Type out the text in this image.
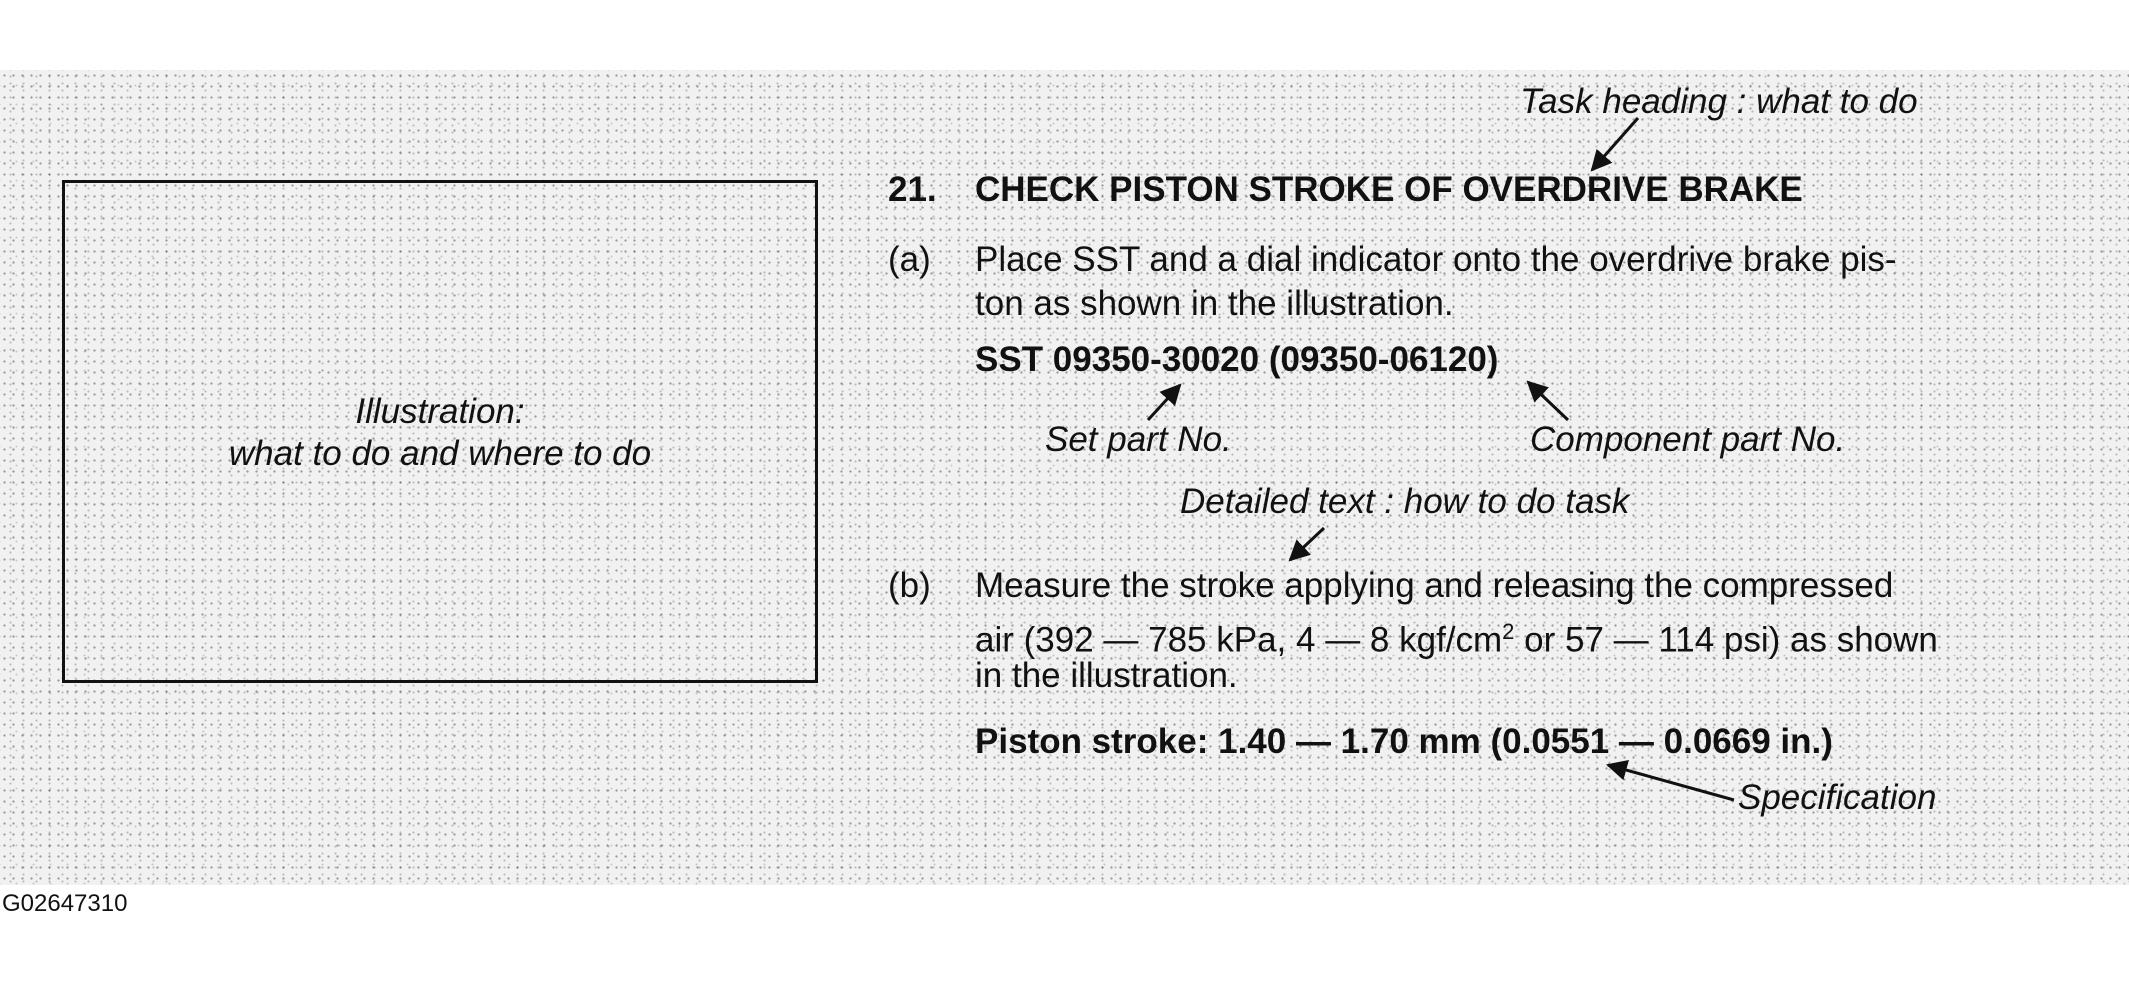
Illustration:
what to do and where to do
Task heading : what to do
21. CHECK PISTON STROKE OF OVERDRIVE BRAKE
(a) Place SST and a dial indicator onto the overdrive brake pis-
ton as shown in the illustration.
SST 09350-30020 (09350-06120)
Set part No.	Component part No.
Detailed text : how to do task
(b) Measure the stroke applying and releasing the compressed
air (392 — 785 kPa, 4 — 8 kgf/$cm^2$ or 57 — 114 psi) as shown
in the illustration.
Piston stroke: 1.40 — 1.70 mm (0.0551 — 0.0669 in.)
Specification
G02647310
